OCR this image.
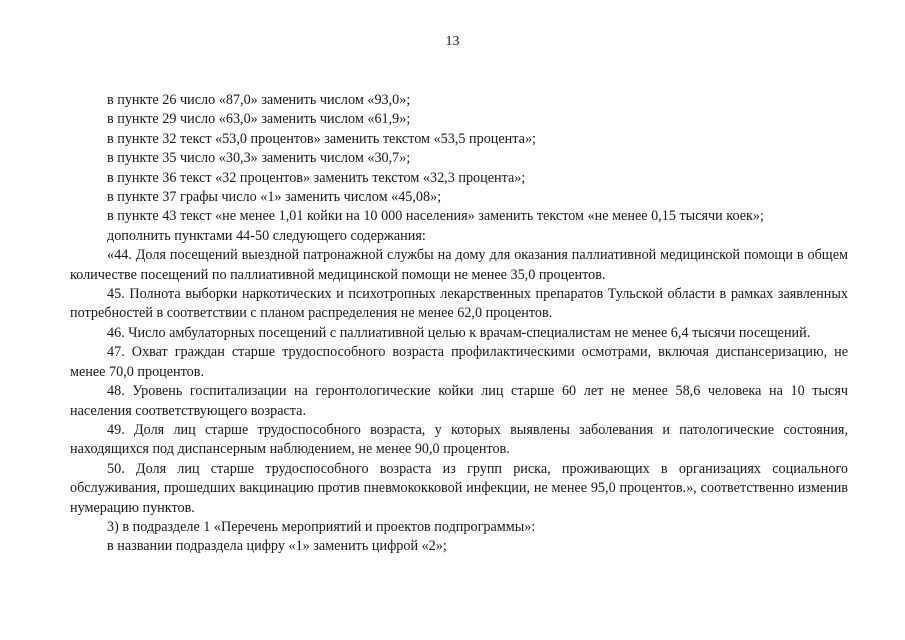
13

в пункте 26 число «87,0» заменить числом «93,0»;

в пункте 29 число «63,0» заменить числом «61,9»;

в пункте 32 текст «53,0 процентов» заменить текстом «53,5 процента»;

в пункте 35 число «30,3» заменить числом «30,7»;

в пункте 36 текст «32 процентов» заменить текстом «32,3 процента»;

в пункте 37 графы число «1» заменить числом «45,08»;

в пункте 43 текст «не менее 1,01 койки на 10 000 населения» заменить текстом «не менее 0,15 тысячи коек»;

дополнить пунктами 44-50 следующего содержания:

«44. Доля посещений выездной патронажной службы на дому для оказания паллиативной медицинской помощи в общем количестве посещений по паллиативной медицинской помощи не менее 35,0 процентов.

45. Полнота выборки наркотических и психотропных лекарственных препаратов Тульской области в рамках заявленных потребностей в соответствии с планом распределения не менее 62,0 процентов.

46. Число амбулаторных посещений с паллиативной целью к врачам-специалистам не менее 6,4 тысячи посещений.

47. Охват граждан старше трудоспособного возраста профилактическими осмотрами, включая диспансеризацию, не менее 70,0 процентов.

48. Уровень госпитализации на геронтологические койки лиц старше 60 лет не менее 58,6 человека на 10 тысяч населения соответствующего возраста.

49. Доля лиц старше трудоспособного возраста, у которых выявлены заболевания и патологические состояния, находящихся под диспансерным наблюдением, не менее 90,0 процентов.

50. Доля лиц старше трудоспособного возраста из групп риска, проживающих в организациях социального обслуживания, прошедших вакцинацию против пневмококковой инфекции, не менее 95,0 процентов.», соответственно изменив нумерацию пунктов.

3) в подразделе 1 «Перечень мероприятий и проектов подпрограммы»:

в названии подраздела цифру «1» заменить цифрой «2»;
